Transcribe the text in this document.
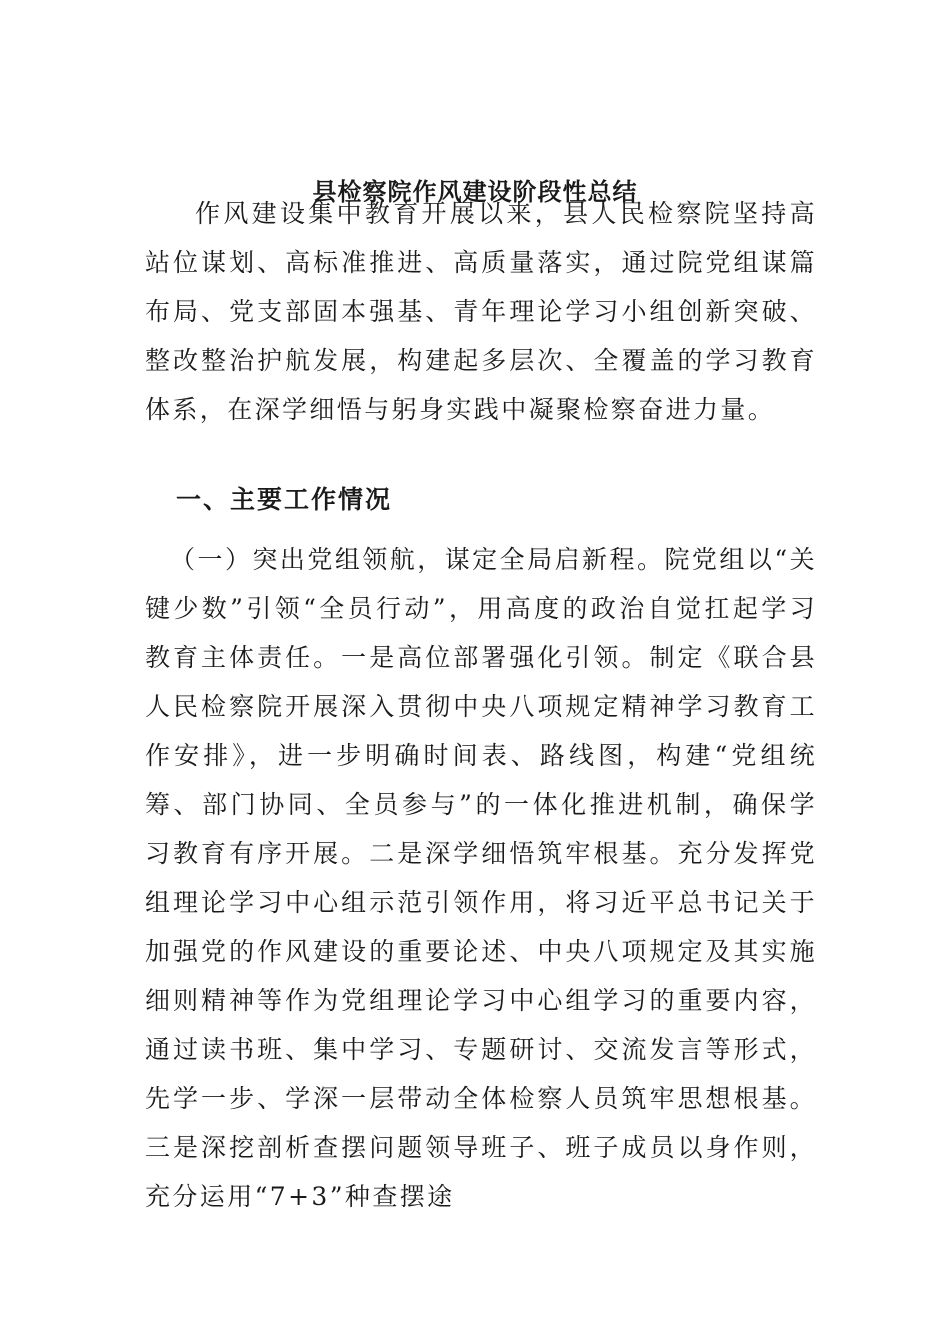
县检察院作风建设阶段性总结

作风建设集中教育开展以来，县人民检察院坚持高站位谋划、高标准推进、高质量落实，通过院党组谋篇布局、党支部固本强基、青年理论学习小组创新突破、整改整治护航发展，构建起多层次、全覆盖的学习教育体系，在深学细悟与躬身实践中凝聚检察奋进力量。

一、主要工作情况

（一）突出党组领航，谋定全局启新程。院党组以“关键少数”引领“全员行动”，用高度的政治自觉扛起学习教育主体责任。一是高位部署强化引领。制定《联合县人民检察院开展深入贯彻中央八项规定精神学习教育工作安排》，进一步明确时间表、路线图，构建“党组统筹、部门协同、全员参与”的一体化推进机制，确保学习教育有序开展。二是深学细悟筑牢根基。充分发挥党组理论学习中心组示范引领作用，将习近平总书记关于加强党的作风建设的重要论述、中央八项规定及其实施细则精神等作为党组理论学习中心组学习的重要内容，通过读书班、集中学习、专题研讨、交流发言等形式，先学一步、学深一层带动全体检察人员筑牢思想根基。三是深挖剖析查摆问题领导班子、班子成员以身作则，充分运用“7+3”种查摆途
